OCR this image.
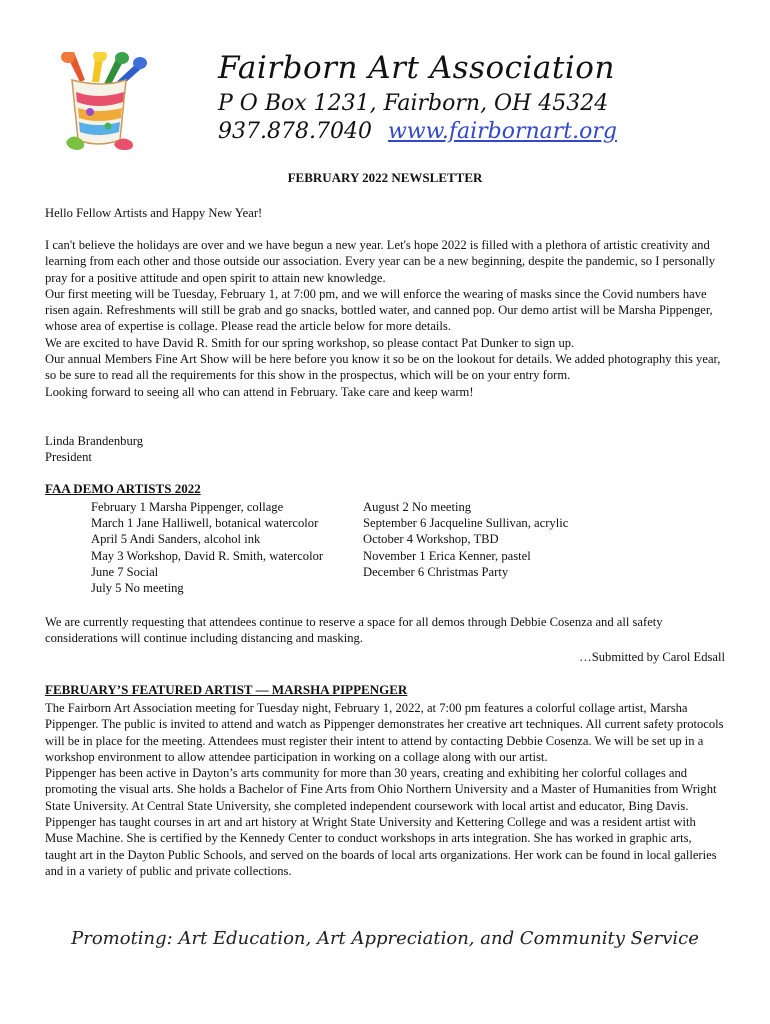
Fairborn Art Association
P O Box 1231, Fairborn, OH 45324
937.878.7040 www.fairbornart.org
FEBRUARY 2022 NEWSLETTER
Hello Fellow Artists and Happy New Year!

I can't believe the holidays are over and we have begun a new year. Let's hope 2022 is filled with a plethora of artistic creativity and learning from each other and those outside our association. Every year can be a new beginning, despite the pandemic, so I personally pray for a positive attitude and open spirit to attain new knowledge.

Our first meeting will be Tuesday, February 1, at 7:00 pm, and we will enforce the wearing of masks since the Covid numbers have risen again. Refreshments will still be grab and go snacks, bottled water, and canned pop. Our demo artist will be Marsha Pippenger, whose area of expertise is collage. Please read the article below for more details.

We are excited to have David R. Smith for our spring workshop, so please contact Pat Dunker to sign up.

Our annual Members Fine Art Show will be here before you know it so be on the lookout for details. We added photography this year, so be sure to read all the requirements for this show in the prospectus, which will be on your entry form.

Looking forward to seeing all who can attend in February. Take care and keep warm!

Linda Brandenburg

President

FAA DEMO ARTISTS 2022
February 1 Marsha Pippenger, collage
March 1 Jane Halliwell, botanical watercolor
April 5 Andi Sanders, alcohol ink
May 3 Workshop, David R. Smith, watercolor
June 7 Social
July 5 No meeting
August 2 No meeting
September 6 Jacqueline Sullivan, acrylic
October 4 Workshop, TBD
November 1 Erica Kenner, pastel
December 6 Christmas Party
We are currently requesting that attendees continue to reserve a space for all demos through Debbie Cosenza and all safety considerations will continue including distancing and masking.
…Submitted by Carol Edsall
FEBRUARY’S FEATURED ARTIST — MARSHA PIPPENGER

The Fairborn Art Association meeting for Tuesday night, February 1, 2022, at 7:00 pm features a colorful collage artist, Marsha Pippenger. The public is invited to attend and watch as Pippenger demonstrates her creative art techniques. All current safety protocols will be in place for the meeting. Attendees must register their intent to attend by contacting Debbie Cosenza. We will be set up in a workshop environment to allow attendee participation in working on a collage along with our artist.

Pippenger has been active in Dayton’s arts community for more than 30 years, creating and exhibiting her colorful collages and promoting the visual arts. She holds a Bachelor of Fine Arts from Ohio Northern University and a Master of Humanities from Wright State University. At Central State University, she completed independent coursework with local artist and educator, Bing Davis.

Pippenger has taught courses in art and art history at Wright State University and Kettering College and was a resident artist with Muse Machine. She is certified by the Kennedy Center to conduct workshops in arts integration. She has worked in graphic arts, taught art in the Dayton Public Schools, and served on the boards of local arts organizations. Her work can be found in local galleries and in a variety of public and private collections.

Promoting: Art Education, Art Appreciation, and Community Service
